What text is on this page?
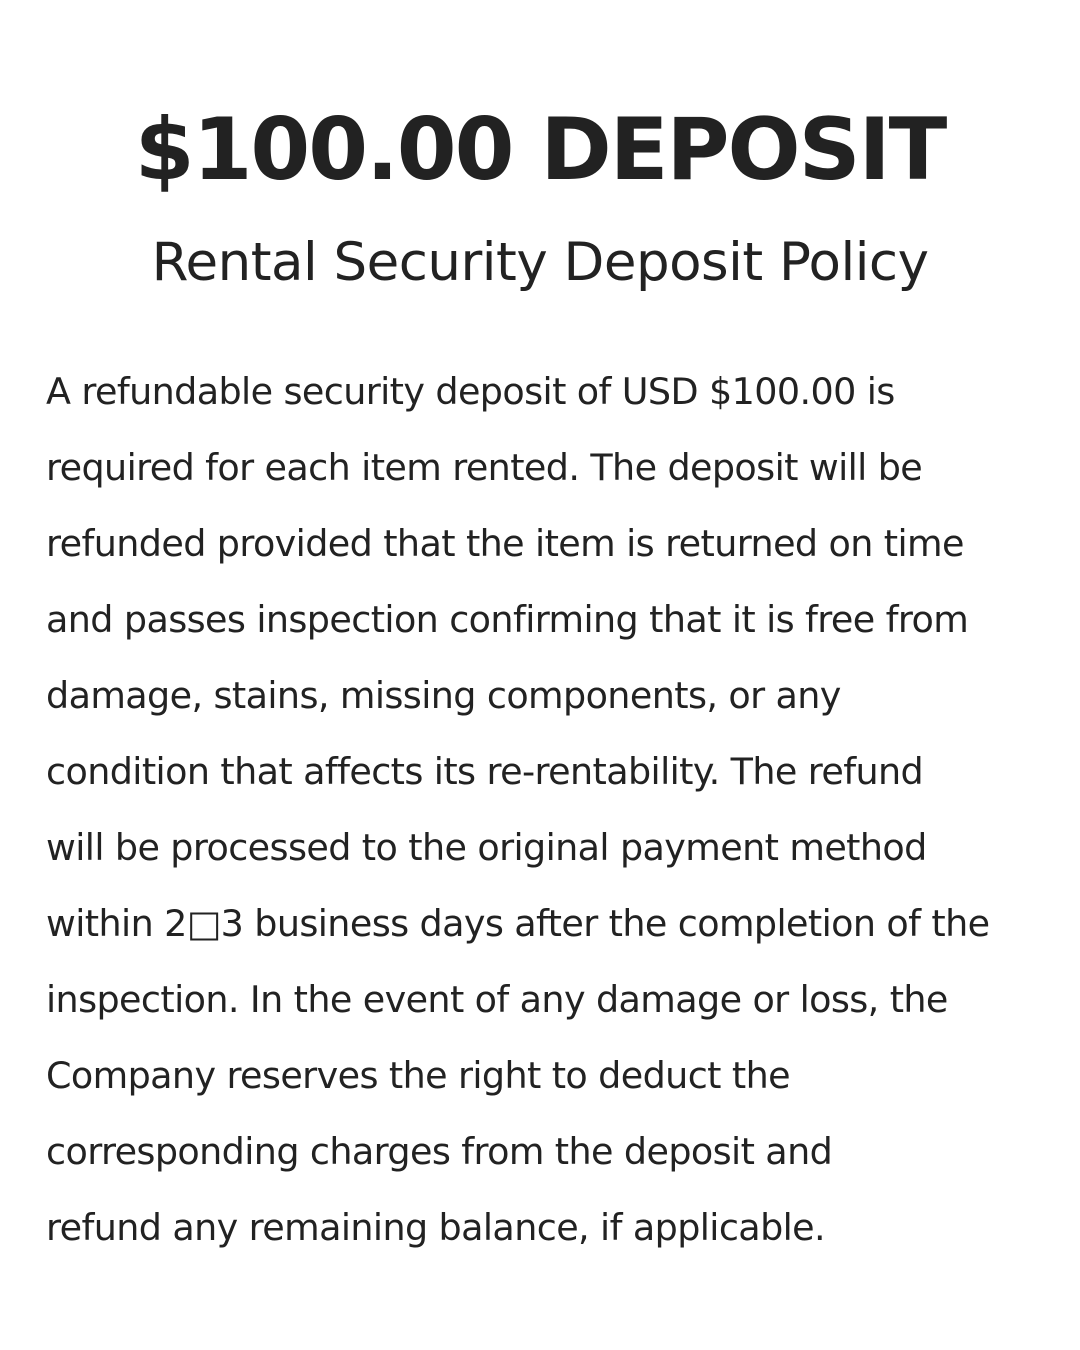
$100.00 DEPOSIT
Rental Security Deposit Policy

A refundable security deposit of USD $100.00 is
required for each item rented. The deposit will be
refunded provided that the item is returned on time
and passes inspection confirming that it is free from
damage, stains, missing components, or any
condition that affects its re-rentability. The refund
will be processed to the original payment method
within 2□3 business days after the completion of the
inspection. In the event of any damage or loss, the
Company reserves the right to deduct the
corresponding charges from the deposit and
refund any remaining balance, if applicable.
